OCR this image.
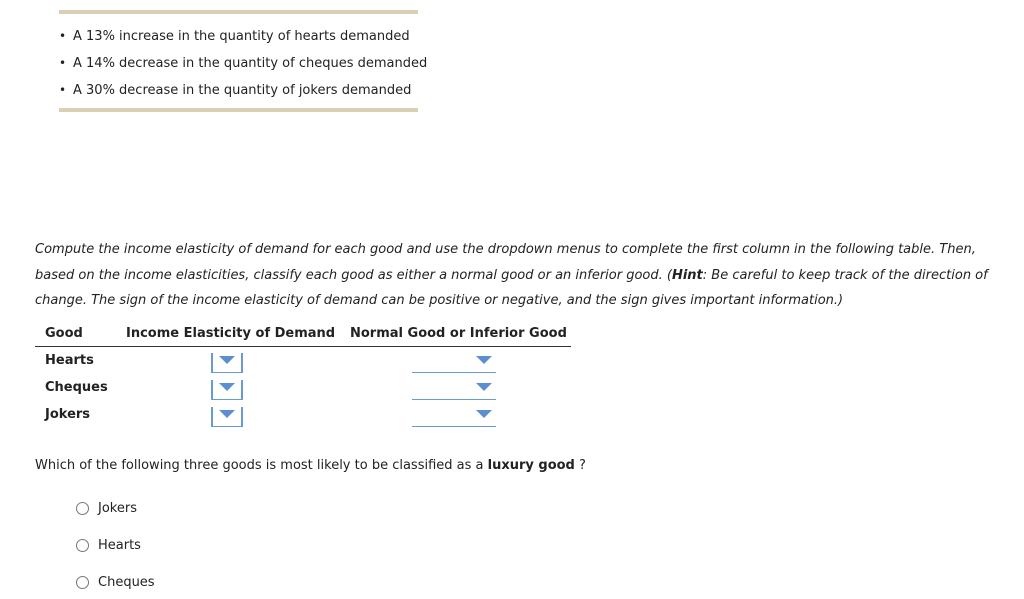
• A 13% increase in the quantity of hearts demanded
• A 14% decrease in the quantity of cheques demanded
• A 30% decrease in the quantity of jokers demanded
Compute the income elasticity of demand for each good and use the dropdown menus to complete the first column in the following table. Then, based on the income elasticities, classify each good as either a normal good or an inferior good. (Hint: Be careful to keep track of the direction of change. The sign of the income elasticity of demand can be positive or negative, and the sign gives important information.)
Good	Income Elasticity of Demand Normal Good or Inferior Good
Hearts
Cheques
Jokers
Which of the following three goods is most likely to be classified as a luxury good ?
Jokers
Hearts
Cheques
